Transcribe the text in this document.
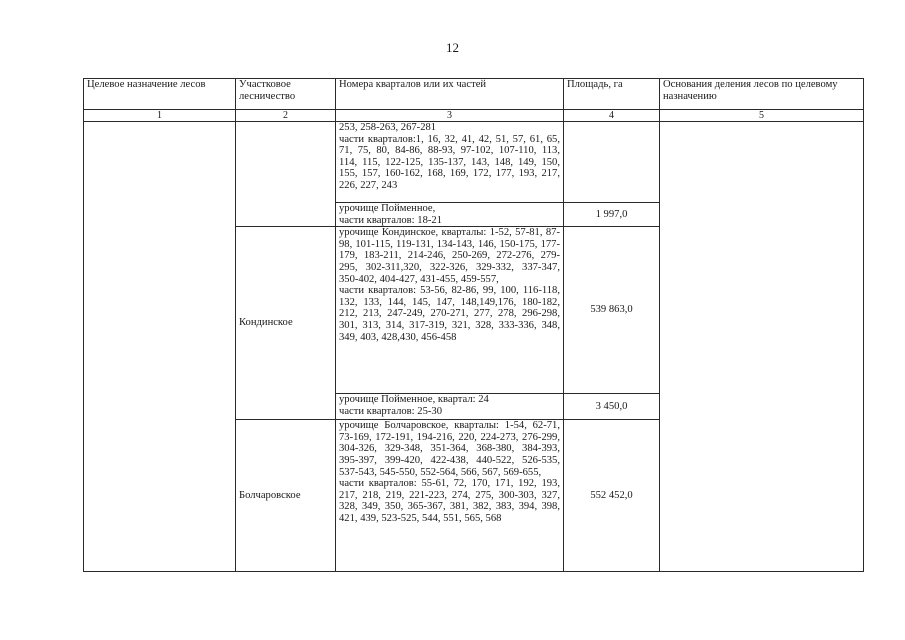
12
Целевое назначение лесов	Участковое лесничество	Номера кварталов или их частей	Площадь, га	Основания деления лесов по целевому назначению
1	2	3	4	5

		253, 258-263, 267-281
части кварталов:1, 16, 32, 41, 42, 51, 57, 61, 65, 71, 75, 80, 84-86, 88-93, 97-102, 107-110, 113, 114, 115, 122-125, 135-137, 143, 148, 149, 150, 155, 157, 160-162, 168, 169, 172, 177, 193, 217, 226, 227, 243		

		урочище Пойменное,
части кварталов: 18-21	1 997,0	
	Кондинское	урочище Кондинское, кварталы: 1-52, 57-81, 87-98, 101-115, 119-131, 134-143, 146, 150-175, 177-179, 183-211, 214-246, 250-269, 272-276, 279-295, 302-311,320, 322-326, 329-332, 337-347, 350-402, 404-427, 431-455, 459-557,
части кварталов: 53-56, 82-86, 99, 100, 116-118, 132, 133, 144, 145, 147, 148,149,176, 180-182, 212, 213, 247-249, 270-271, 277, 278, 296-298, 301, 313, 314, 317-319, 321, 328, 333-336, 348, 349, 403, 428,430, 456-458	539 863,0	

		урочище Пойменное, квартал: 24
части кварталов: 25-30	3 450,0	
	Болчаровское	урочище Болчаровское, кварталы: 1-54, 62-71, 73-169, 172-191, 194-216, 220, 224-273, 276-299, 304-326, 329-348, 351-364, 368-380, 384-393, 395-397, 399-420, 422-438, 440-522, 526-535, 537-543, 545-550, 552-564, 566, 567, 569-655,
части кварталов: 55-61, 72, 170, 171, 192, 193, 217, 218, 219, 221-223, 274, 275, 300-303, 327, 328, 349, 350, 365-367, 381, 382, 383, 394, 398, 421, 439, 523-525, 544, 551, 565, 568	552 452,0	
